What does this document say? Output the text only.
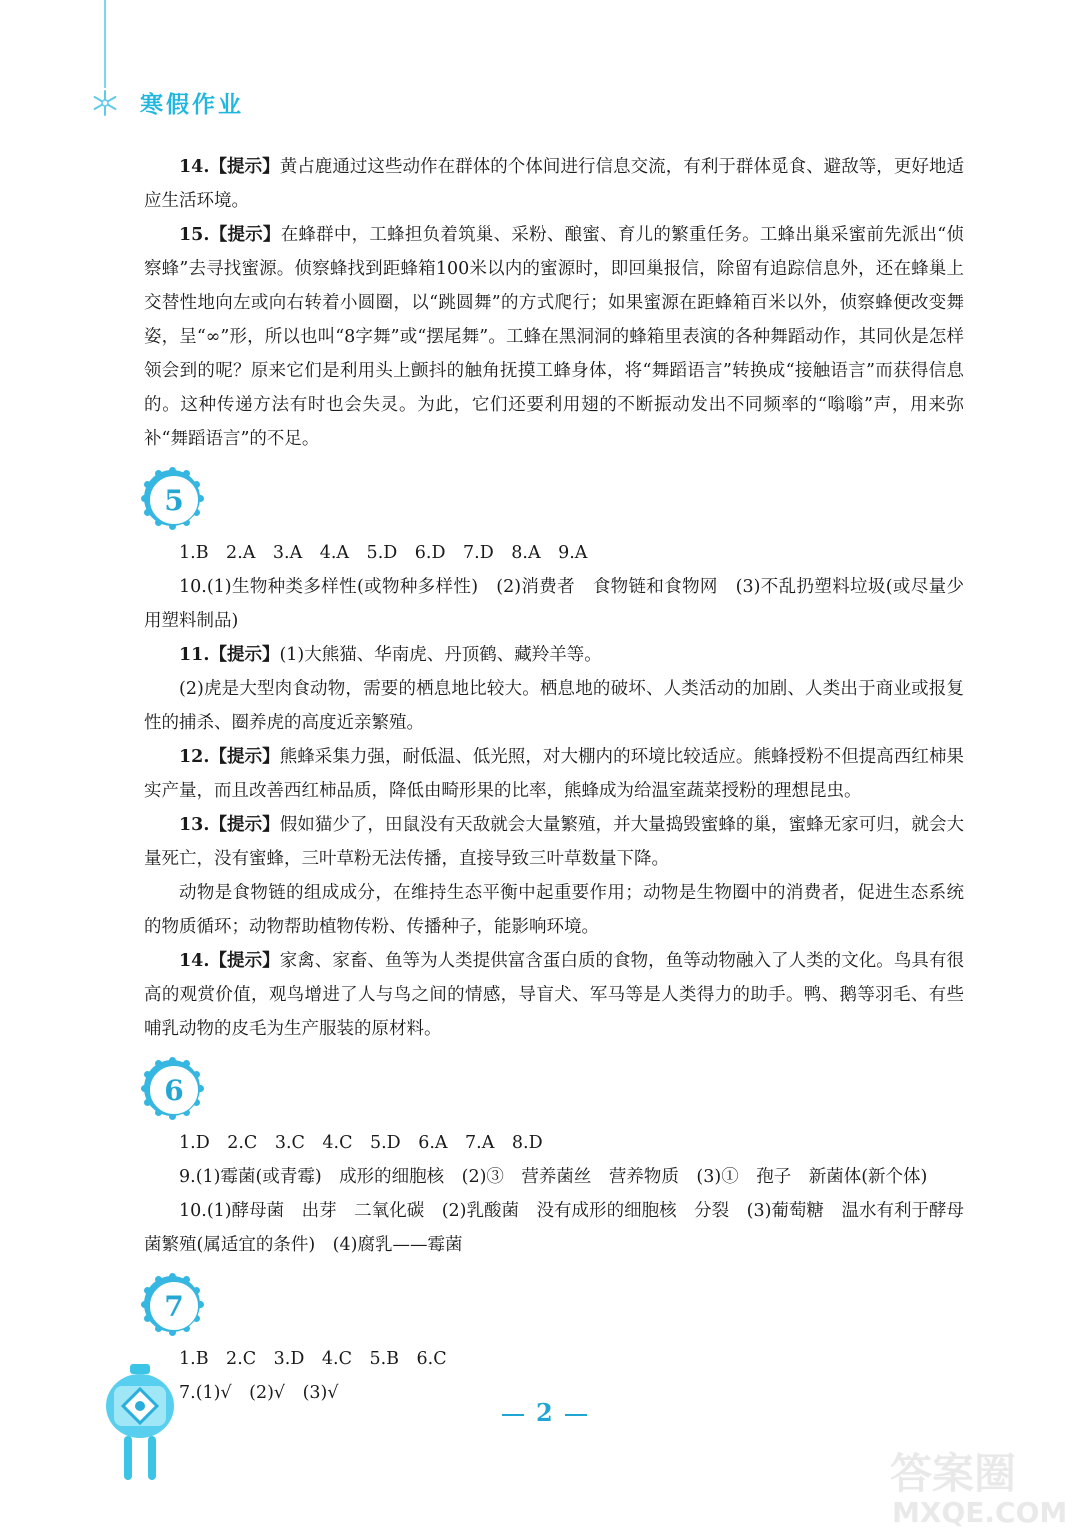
寒假作业

14.【提示】黄占鹿通过这些动作在群体的个体间进行信息交流，有利于群体觅食、避敌等，更好地适应生活环境。

15.【提示】在蜂群中，工蜂担负着筑巢、采粉、酿蜜、育儿的繁重任务。工蜂出巢采蜜前先派出“侦察蜂”去寻找蜜源。侦察蜂找到距蜂箱100米以内的蜜源时，即回巢报信，除留有追踪信息外，还在蜂巢上交替性地向左或向右转着小圆圈，以“跳圆舞”的方式爬行；如果蜜源在距蜂箱百米以外，侦察蜂便改变舞姿，呈“∞”形，所以也叫“8字舞”或“摆尾舞”。工蜂在黑洞洞的蜂箱里表演的各种舞蹈动作，其同伙是怎样领会到的呢？原来它们是利用头上颤抖的触角抚摸工蜂身体，将“舞蹈语言”转换成“接触语言”而获得信息的。这种传递方法有时也会失灵。为此，它们还要利用翅的不断振动发出不同频率的“嗡嗡”声，用来弥补“舞蹈语言”的不足。

5

1.B　2.A　3.A　4.A　5.D　6.D　7.D　8.A　9.A

10.(1)生物种类多样性(或物种多样性)　(2)消费者　食物链和食物网　(3)不乱扔塑料垃圾(或尽量少用塑料制品)

11.【提示】(1)大熊猫、华南虎、丹顶鹤、藏羚羊等。

(2)虎是大型肉食动物，需要的栖息地比较大。栖息地的破坏、人类活动的加剧、人类出于商业或报复性的捕杀、圈养虎的高度近亲繁殖。

12.【提示】熊蜂采集力强，耐低温、低光照，对大棚内的环境比较适应。熊蜂授粉不但提高西红柿果实产量，而且改善西红柿品质，降低由畸形果的比率，熊蜂成为给温室蔬菜授粉的理想昆虫。

13.【提示】假如猫少了，田鼠没有天敌就会大量繁殖，并大量捣毁蜜蜂的巢，蜜蜂无家可归，就会大量死亡，没有蜜蜂，三叶草粉无法传播，直接导致三叶草数量下降。

动物是食物链的组成成分，在维持生态平衡中起重要作用；动物是生物圈中的消费者，促进生态系统的物质循环；动物帮助植物传粉、传播种子，能影响环境。

14.【提示】家禽、家畜、鱼等为人类提供富含蛋白质的食物，鱼等动物融入了人类的文化。鸟具有很高的观赏价值，观鸟增进了人与鸟之间的情感，导盲犬、军马等是人类得力的助手。鸭、鹅等羽毛、有些哺乳动物的皮毛为生产服装的原材料。

6

1.D　2.C　3.C　4.C　5.D　6.A　7.A　8.D

9.(1)霉菌(或青霉)　成形的细胞核　(2)③　营养菌丝　营养物质　(3)①　孢子　新菌体(新个体)

10.(1)酵母菌　出芽　二氧化碳　(2)乳酸菌　没有成形的细胞核　分裂　(3)葡萄糖　温水有利于酵母菌繁殖(属适宜的条件)　(4)腐乳——霉菌

7

1.B　2.C　3.D　4.C　5.B　6.C

7.(1)√　(2)√　(3)√

2
答案圈
MXQE.COM
